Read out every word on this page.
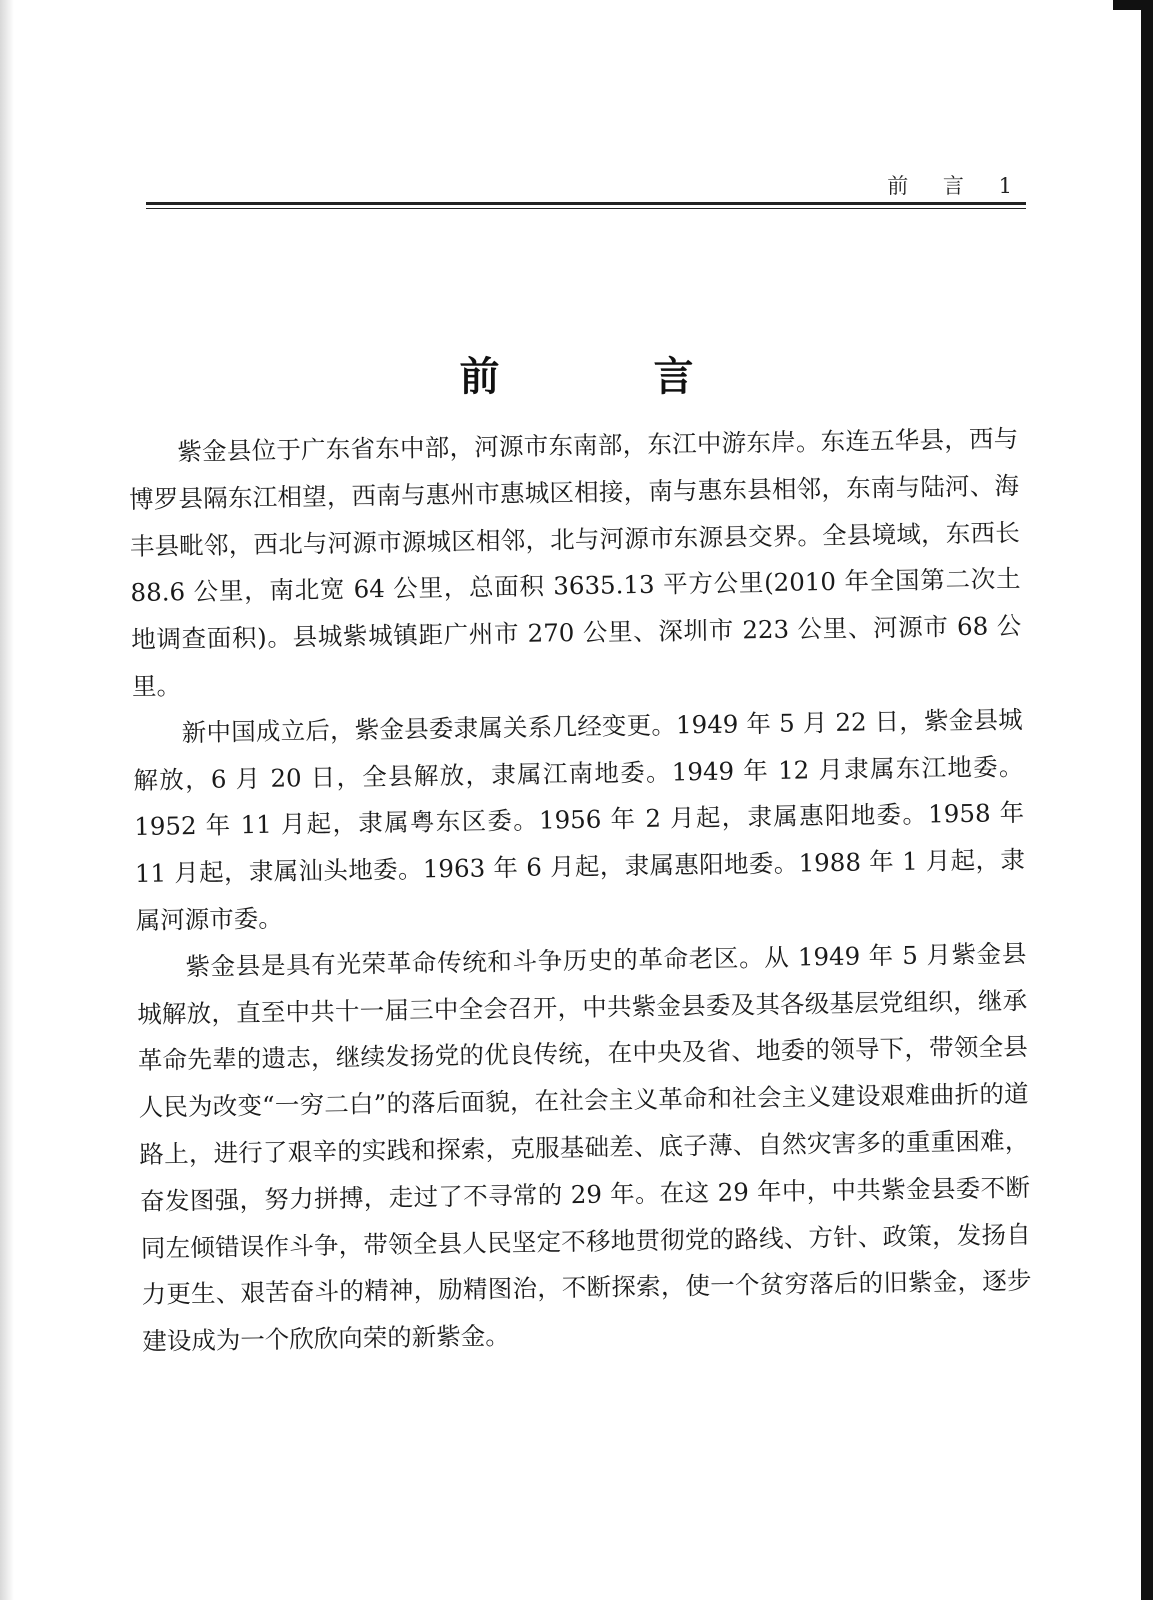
前 言 1
前 言

紫金县位于广东省东中部，河源市东南部，东江中游东岸。东连五华县，西与博罗县隔东江相望，西南与惠州市惠城区相接，南与惠东县相邻，东南与陆河、海丰县毗邻，西北与河源市源城区相邻，北与河源市东源县交界。全县境域，东西长 88.6 公里，南北宽 64 公里，总面积 3635.13 平方公里(2010 年全国第二次土地调查面积)。县城紫城镇距广州市 270 公里、深圳市 223 公里、河源市 68 公里。

新中国成立后，紫金县委隶属关系几经变更。1949 年 5 月 22 日，紫金县城解放，6 月 20 日，全县解放，隶属江南地委。1949 年 12 月隶属东江地委。1952 年 11 月起，隶属粤东区委。1956 年 2 月起，隶属惠阳地委。1958 年 11 月起，隶属汕头地委。1963 年 6 月起，隶属惠阳地委。1988 年 1 月起，隶属河源市委。

紫金县是具有光荣革命传统和斗争历史的革命老区。从 1949 年 5 月紫金县城解放，直至中共十一届三中全会召开，中共紫金县委及其各级基层党组织，继承革命先辈的遗志，继续发扬党的优良传统，在中央及省、地委的领导下，带领全县人民为改变“一穷二白”的落后面貌，在社会主义革命和社会主义建设艰难曲折的道路上，进行了艰辛的实践和探索，克服基础差、底子薄、自然灾害多的重重困难，奋发图强，努力拼搏，走过了不寻常的 29 年。在这 29 年中，中共紫金县委不断同左倾错误作斗争，带领全县人民坚定不移地贯彻党的路线、方针、政策，发扬自力更生、艰苦奋斗的精神，励精图治，不断探索，使一个贫穷落后的旧紫金，逐步建设成为一个欣欣向荣的新紫金。
